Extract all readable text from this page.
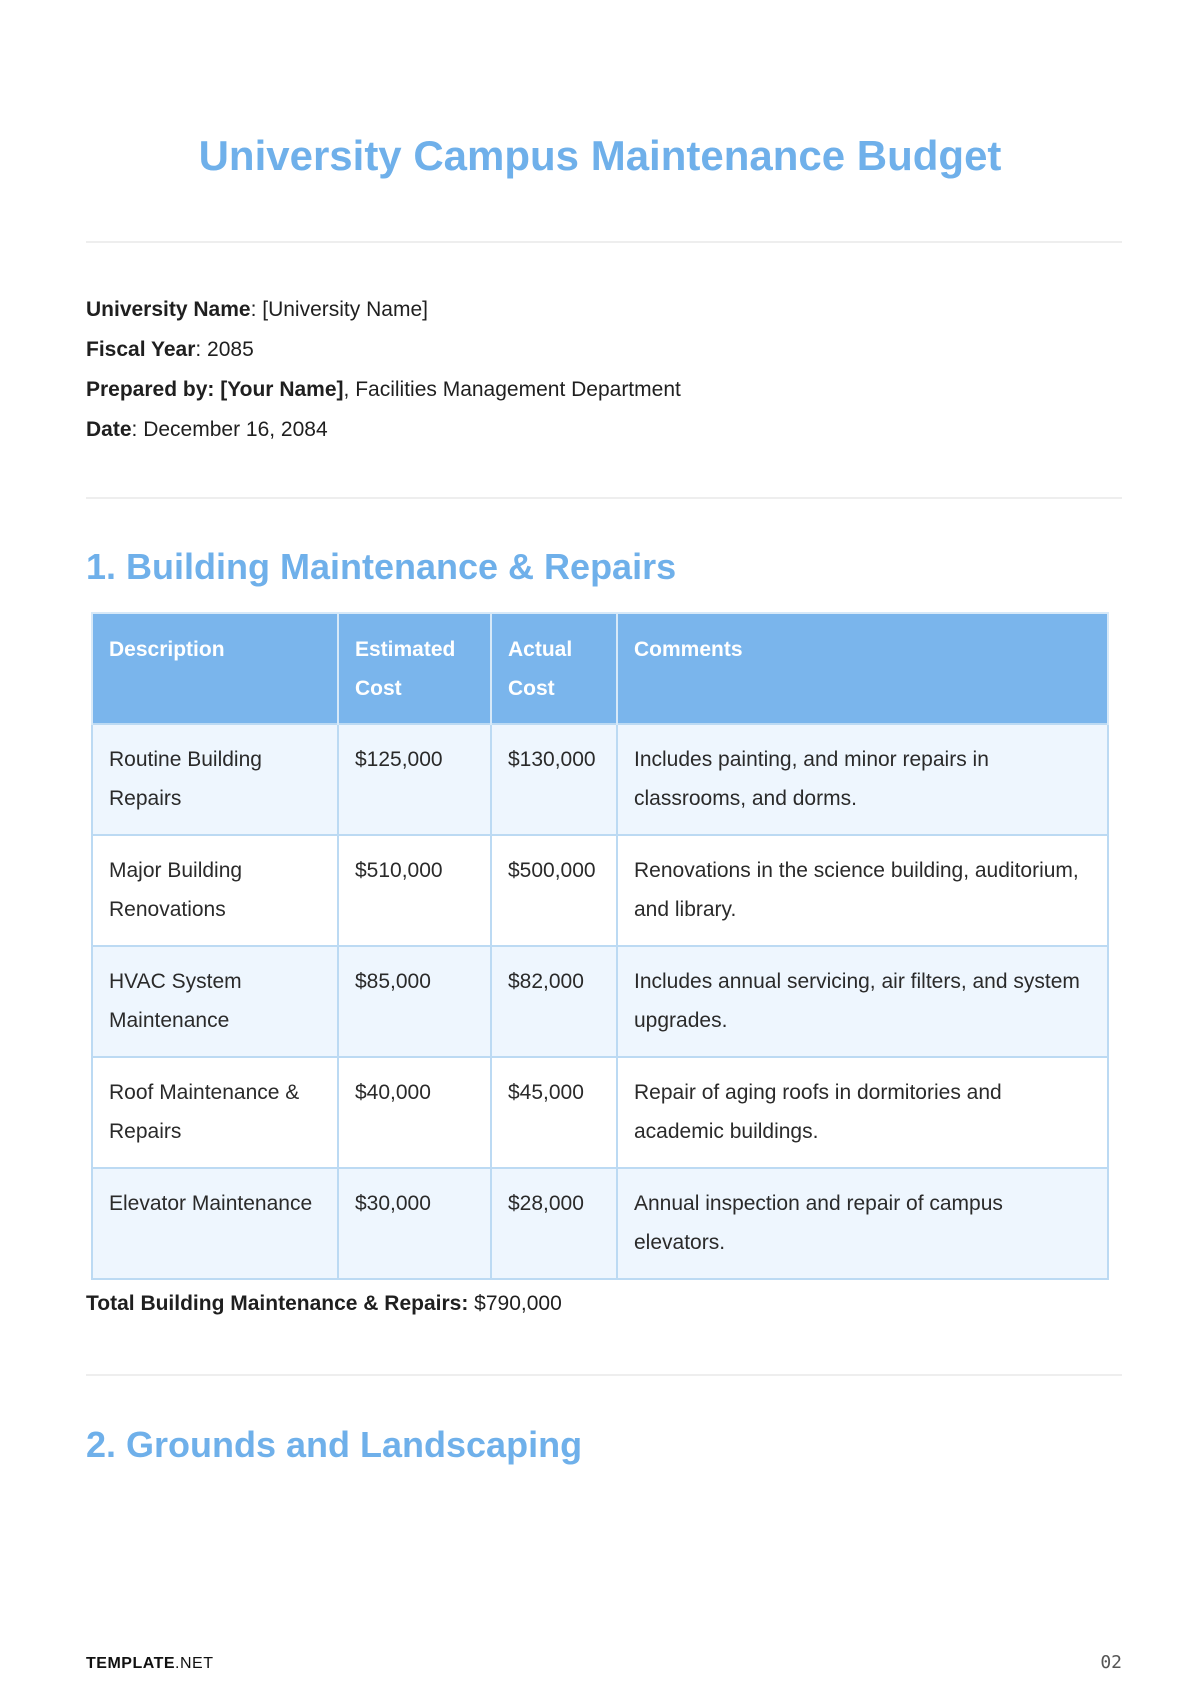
University Campus Maintenance Budget
University Name: [University Name]
Fiscal Year: 2085
Prepared by: [Your Name], Facilities Management Department
Date: December 16, 2084
1. Building Maintenance & Repairs
Description	Estimated Cost	Actual Cost	Comments
Routine Building Repairs	$125,000	$130,000	Includes painting, and minor repairs in classrooms, and dorms.
Major Building Renovations	$510,000	$500,000	Renovations in the science building, auditorium, and library.
HVAC System Maintenance	$85,000	$82,000	Includes annual servicing, air filters, and system upgrades.
Roof Maintenance & Repairs	$40,000	$45,000	Repair of aging roofs in dormitories and academic buildings.
Elevator Maintenance	$30,000	$28,000	Annual inspection and repair of campus elevators.
Total Building Maintenance & Repairs: $790,000
2. Grounds and Landscaping
TEMPLATE.NET	02
